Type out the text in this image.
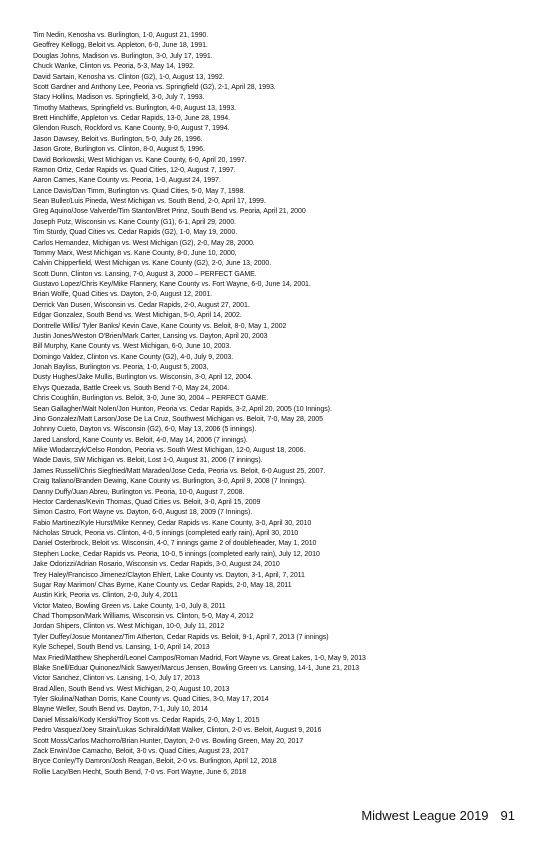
Tim Nedin, Kenosha vs. Burlington, 1-0, August 21, 1990.
Geoffrey Kellogg, Beloit vs. Appleton, 6-0, June 18, 1991.
Douglas Johns, Madison vs. Burlington, 3-0, July 17, 1991.
Chuck Wanke, Clinton vs. Peoria, 5-3, May 14, 1992.
David Sartain, Kenosha vs. Clinton (G2), 1-0, August 13, 1992.
Scott Gardner and Anthony Lee, Peoria vs. Springfield (G2), 2-1, April 28, 1993.
Stacy Hollins, Madison vs. Springfield, 3-0, July 7, 1993.
Timothy Mathews, Springfield vs. Burlington, 4-0, August 13, 1993.
Brett Hinchliffe, Appleton vs. Cedar Rapids, 13-0, June 28, 1994.
Glendon Rusch, Rockford vs. Kane County, 9-0, August 7, 1994.
Jason Dawsey, Beloit vs. Burlington, 5-0, July 26, 1996.
Jason Grote, Burlington vs. Clinton, 8-0, August 5, 1996.
David Borkowski, West Michigan vs. Kane County, 6-0, April 20, 1997.
Ramon Ortiz, Cedar Rapids vs. Quad Cities, 12-0, August 7, 1997.
Aaron Cames, Kane County vs. Peoria, 1-0, August 24, 1997.
Lance Davis/Dan Timm, Burlington vs. Quad Cities, 5-0, May 7, 1998.
Sean Buller/Luis Pineda, West Michigan vs. South Bend, 2-0, April 17, 1999.
Greg Aquino/Jose Valverde/Tim Stanton/Bret Prinz, South Bend vs. Peoria, April 21, 2000
Joseph Putz, Wisconsin vs. Kane County (G1), 6-1, April 29, 2000.
Tim Sturdy, Quad Cities vs. Cedar Rapids (G2), 1-0, May 19, 2000.
Carlos Hernandez, Michigan vs. West Michigan (G2), 2-0, May 28, 2000.
Tommy Marx, West Michigan vs. Kane County, 8-0, June 10, 2000,
Calvin Chipperfield, West Michigan vs. Kane County (G2), 2-0, June 13, 2000.
Scott Dunn, Clinton vs. Lansing, 7-0, August 3, 2000 – PERFECT GAME.
Gustavo Lopez/Chris Key/Mike Flannery, Kane County vs. Fort Wayne, 6-0, June 14, 2001.
Brian Wolfe, Quad Cities vs. Dayton, 2-0, August 12, 2001.
Derrick Van Dusen, Wisconsin vs. Cedar Rapids, 2-0, August 27, 2001.
Edgar Gonzalez, South Bend vs. West Michigan, 5-0, April 14, 2002.
Dontrelle Willis/ Tyler Banks/ Kevin Cave, Kane County vs. Beloit, 8-0, May 1, 2002
Justin Jones/Weston O'Brien/Mark Carter, Lansing vs. Dayton, April 20, 2003
Bill Murphy, Kane County vs. West Michigan, 6-0, June 10, 2003.
Domingo Valdez, Clinton vs. Kane County (G2), 4-0, July 9, 2003.
Jonah Bayliss, Burlington vs. Peoria, 1-0, August 5, 2003,
Dusty Hughes/Jake Mullis, Burlington vs. Wisconsin, 3-0, April 12, 2004.
Elvys Quezada, Battle Creek vs. South Bend 7-0, May 24, 2004.
Chris Coughlin, Burlington vs. Beloit, 3-0, June 30, 2004 – PERFECT GAME.
Sean Gallagher/Walt Nolen/Jon Hunton, Peoria vs. Cedar Rapids, 3-2, April 20, 2005 (10 Innings).
Jino Gonzalez/Matt Larson/Jose De La Cruz, Southwest Michigan vs. Beloit, 7-0, May 28, 2005
Johnny Cueto, Dayton vs. Wisconsin (G2), 6-0, May 13, 2006 (5 innings).
Jared Lansford, Kane County vs. Beloit, 4-0, May 14, 2006 (7 innings).
Mike Wlodarczyk/Celso Rondon, Peoria vs. South West Michigan, 12-0, August 18, 2006.
Wade Davis, SW Michigan vs. Beloit, Lost 1-0, August 31, 2006 (7 innings).
James Russell/Chris Siegfried/Matt Maradeo/Jose Ceda, Peoria vs. Beloit, 6-0 August 25, 2007.
Craig Italiano/Branden Dewing, Kane County vs. Burlington, 3-0, April 9, 2008 (7 Innings).
Danny Duffy/Juan Abreu, Burlington vs. Peoria, 10-0, August 7, 2008.
Hector Cardenas/Kevin Thomas, Quad Cities vs. Beloit, 3-0, April 15, 2009
Simon Castro, Fort Wayne vs. Dayton, 6-0, August 18, 2009 (7 Innings).
Fabio Martinez/Kyle Hurst/Mike Kenney, Cedar Rapids vs. Kane County, 3-0, April 30, 2010
Nicholas Struck, Peoria vs. Clinton, 4-0, 5 innings (completed early rain), April 30, 2010
Daniel Osterbrock, Beloit vs. Wisconsin, 4-0, 7 innings game 2 of doubleheader, May 1, 2010
Stephen Locke, Cedar Rapids vs. Peoria, 10-0, 5 innings (completed early rain), July 12, 2010
Jake Odorizzi/Adrian Rosario, Wisconsin vs. Cedar Rapids, 3-0, August 24, 2010
Trey Haley/Francisco Jimenez/Clayton Ehlert, Lake County vs. Dayton, 3-1, April, 7, 2011
Sugar Ray Marimon/ Chas Byrne, Kane County vs. Cedar Rapids, 2-0, May 18, 2011
Austin Kirk, Peoria vs. Clinton, 2-0, July 4, 2011
Victor Mateo, Bowling Green vs. Lake County, 1-0, July 8, 2011
Chad Thompson/Mark Williams, Wisconsin vs. Clinton, 5-0, May 4, 2012
Jordan Shipers, Clinton vs. West Michigan, 10-0, July 11, 2012
Tyler Duffey/Josue Montanez/Tim Atherton, Cedar Rapids vs. Beloit, 9-1, April 7, 2013 (7 innings)
Kyle Schepel, South Bend vs. Lansing, 1-0, April 14, 2013
Max Fried/Matthew Shepherd/Leonel Campos/Roman Madrid, Fort Wayne vs. Great Lakes, 1-0, May 9, 2013
Blake Snell/Eduar Quinonez/Nick Sawyer/Marcus Jensen, Bowling Green vs. Lansing, 14-1, June 21, 2013
Victor Sanchez, Clinton vs. Lansing, 1-0, July 17, 2013
Brad Allen, South Bend vs. West Michigan, 2-0, August 10, 2013
Tyler Skulina/Nathan Dorris, Kane County vs. Quad Cities, 3-0, May 17, 2014
Blayne Weller, South Bend vs. Dayton, 7-1, July 10, 2014
Daniel Missaki/Kody Kerski/Troy Scott vs. Cedar Rapids, 2-0, May 1, 2015
Pedro Vasquez/Joey Strain/Lukas Schiraldi/Matt Walker, Clinton, 2-0 vs. Beloit, August 9, 2016
Scott Moss/Carlos Machorro/Brian Hunter, Dayton, 2-0 vs. Bowling Green, May 20, 2017
Zack Erwin/Joe Camacho, Beloit, 3-0 vs. Quad Cities, August 23, 2017
Bryce Conley/Ty Damron/Josh Reagan, Beloit, 2-0 vs. Burlington, April 12, 2018
Rollie Lacy/Ben Hecht, South Bend, 7-0 vs. Fort Wayne, June 6, 2018
Midwest League 2019 91
